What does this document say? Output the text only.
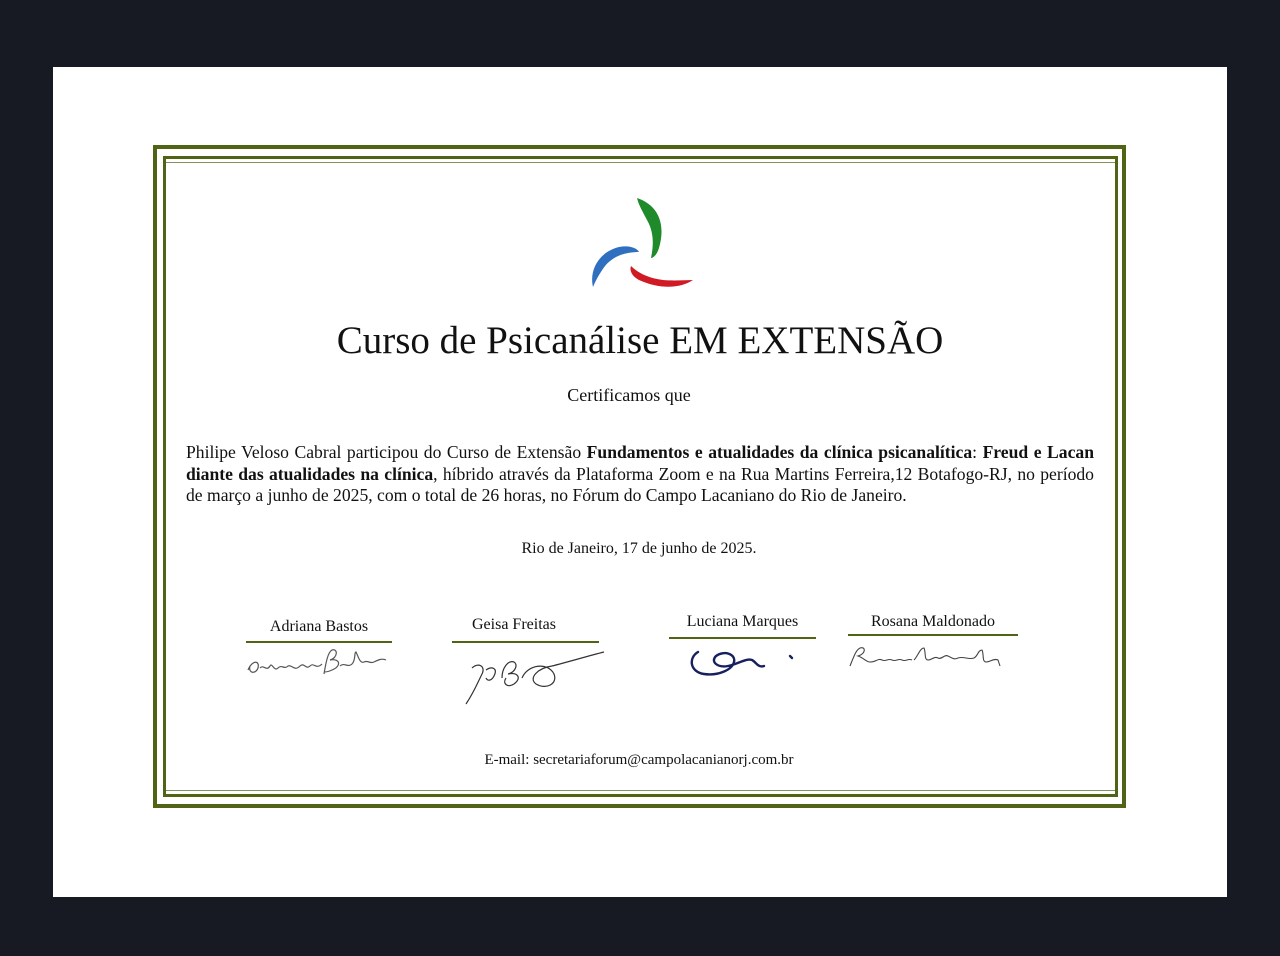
Curso de Psicanálise EM EXTENSÃO
Certificamos que
Philipe Veloso Cabral participou do Curso de Extensão Fundamentos e atualidades da clínica psicanalítica: Freud e Lacan diante das atualidades na clínica, híbrido através da Plataforma Zoom e na Rua Martins Ferreira,12 Botafogo-RJ, no período de março a junho de 2025, com o total de 26 horas, no Fórum do Campo Lacaniano do Rio de Janeiro.
Rio de Janeiro, 17 de junho de 2025.
Adriana Bastos	Geisa Freitas	Luciana Marques	Rosana Maldonado
E-mail: secretariaforum@campolacanianorj.com.br
